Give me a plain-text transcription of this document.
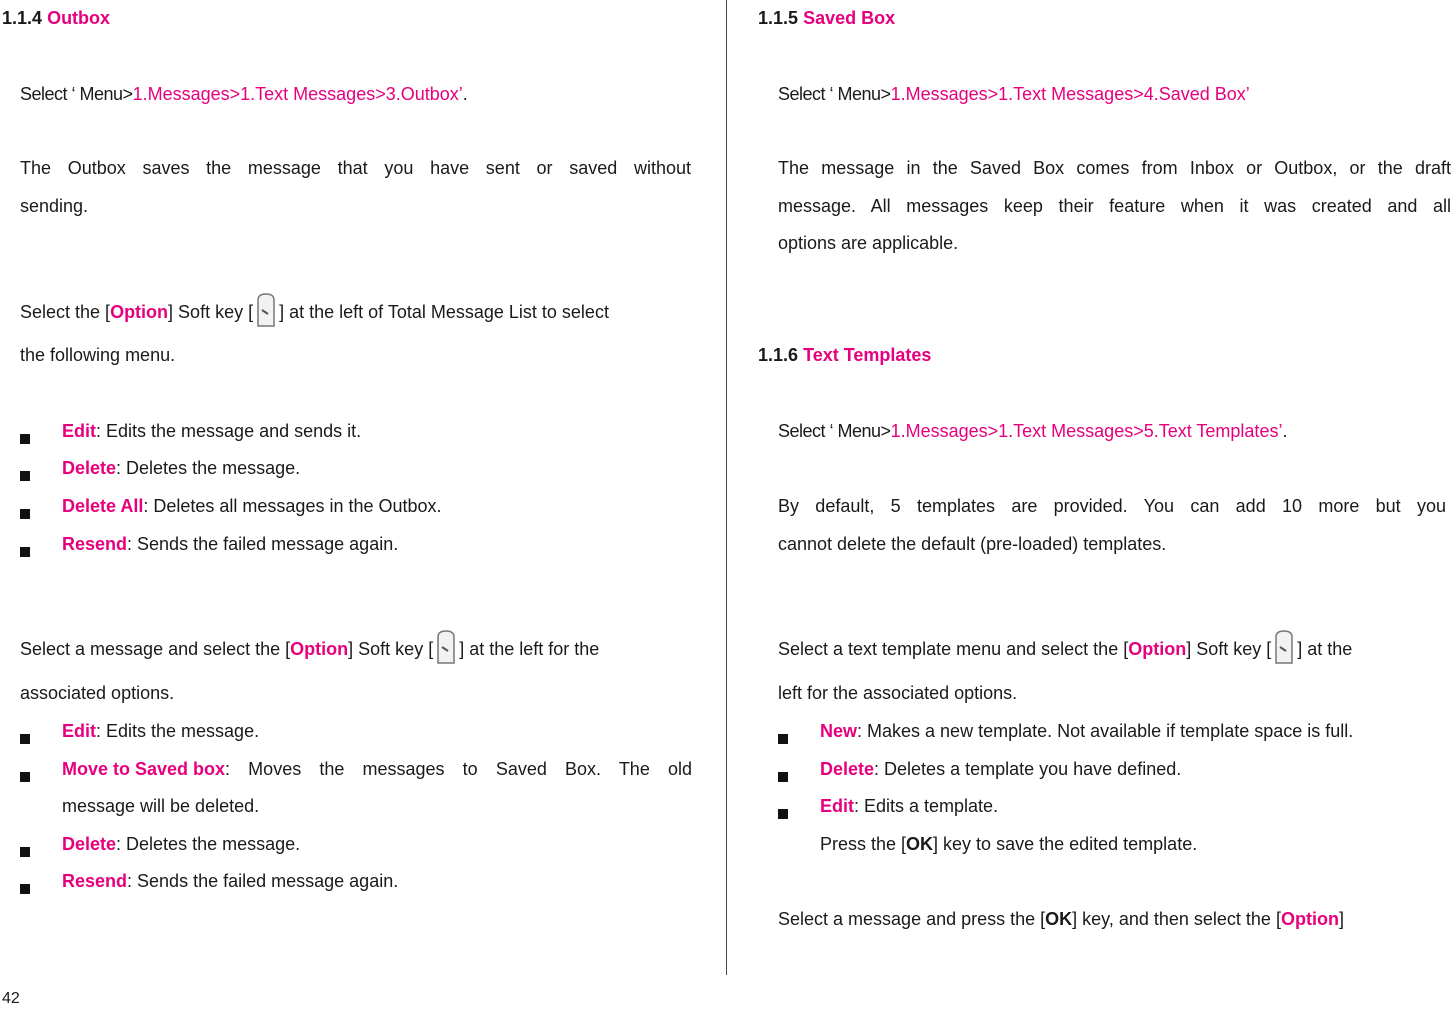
1.1.4 Outbox
Select ‘ Menu>1.Messages>1.Text Messages>3.Outbox’.
The Outbox saves the message that you have sent or saved without
sending.
Select the [Option] Soft key [ ] at the left of Total Message List to select
the following menu.
Edit: Edits the message and sends it.
Delete: Deletes the message.
Delete All: Deletes all messages in the Outbox.
Resend: Sends the failed message again.
Select a message and select the [Option] Soft key [ ] at the left for the
associated options.
Edit: Edits the message.
Move to Saved box : Moves the messages to Saved Box. The old
message will be deleted.
Delete: Deletes the message.
Resend: Sends the failed message again.
1.1.5 Saved Box
Select ‘ Menu>1.Messages>1.Text Messages>4.Saved Box’
The message in the Saved Box comes from Inbox or Outbox, or the draft
message. All messages keep their feature when it was created and all
options are applicable.
1.1.6 Text Templates
Select ‘ Menu>1.Messages>1.Text Messages>5.Text Templates’.
By default, 5 templates are provided. You can add 10 more but you
cannot delete the default (pre-loaded) templates.
Select a text template menu and select the [Option] Soft key [ ] at the
left for the associated options.
New: Makes a new template. Not available if template space is full.
Delete: Deletes a template you have defined.
Edit: Edits a template.
Press the [OK] key to save the edited template.
Select a message and press the [OK] key, and then select the [Option]
42
